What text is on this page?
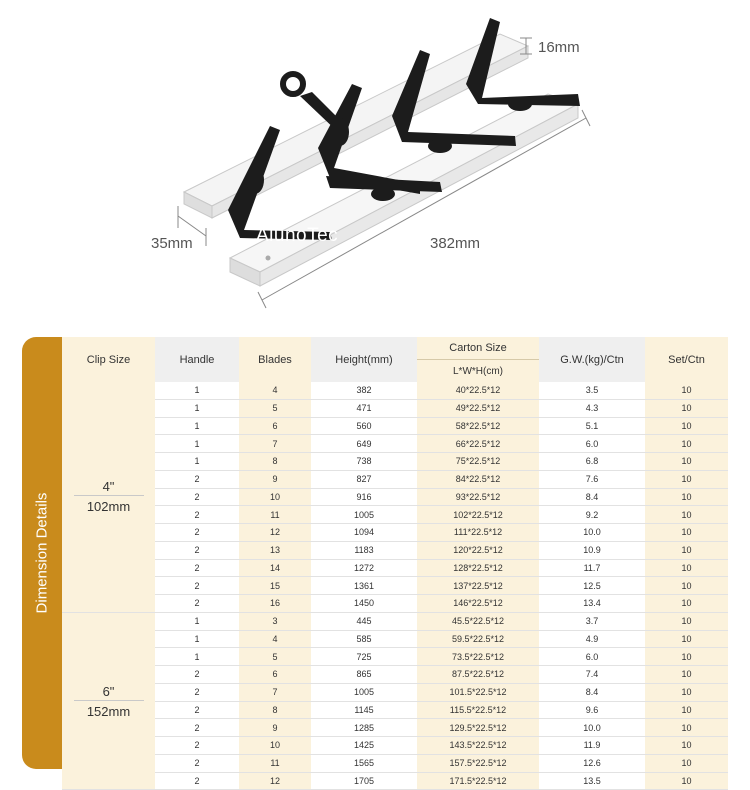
16mm
35mm	382mm
AlunoTec
Dimension Details
Clip Size	Handle	Blades	Height(mm)	Carton Size	G.W.(kg)/Ctn	Set/Ctn
				L*W*H(cm)		

4"
102mm	1	4	382	40*22.5*12	3.5	10
	1	5	471	49*22.5*12	4.3	10
	1	6	560	58*22.5*12	5.1	10
	1	7	649	66*22.5*12	6.0	10
	1	8	738	75*22.5*12	6.8	10
	2	9	827	84*22.5*12	7.6	10
	2	10	916	93*22.5*12	8.4	10
	2	11	1005	102*22.5*12	9.2	10
	2	12	1094	111*22.5*12	10.0	10
	2	13	1183	120*22.5*12	10.9	10
	2	14	1272	128*22.5*12	11.7	10
	2	15	1361	137*22.5*12	12.5	10
	2	16	1450	146*22.5*12	13.4	10

6"
152mm	1	3	445	45.5*22.5*12	3.7	10
	1	4	585	59.5*22.5*12	4.9	10
	1	5	725	73.5*22.5*12	6.0	10
	2	6	865	87.5*22.5*12	7.4	10
	2	7	1005	101.5*22.5*12	8.4	10
	2	8	1145	115.5*22.5*12	9.6	10
	2	9	1285	129.5*22.5*12	10.0	10
	2	10	1425	143.5*22.5*12	11.9	10
	2	11	1565	157.5*22.5*12	12.6	10
	2	12	1705	171.5*22.5*12	13.5	10
